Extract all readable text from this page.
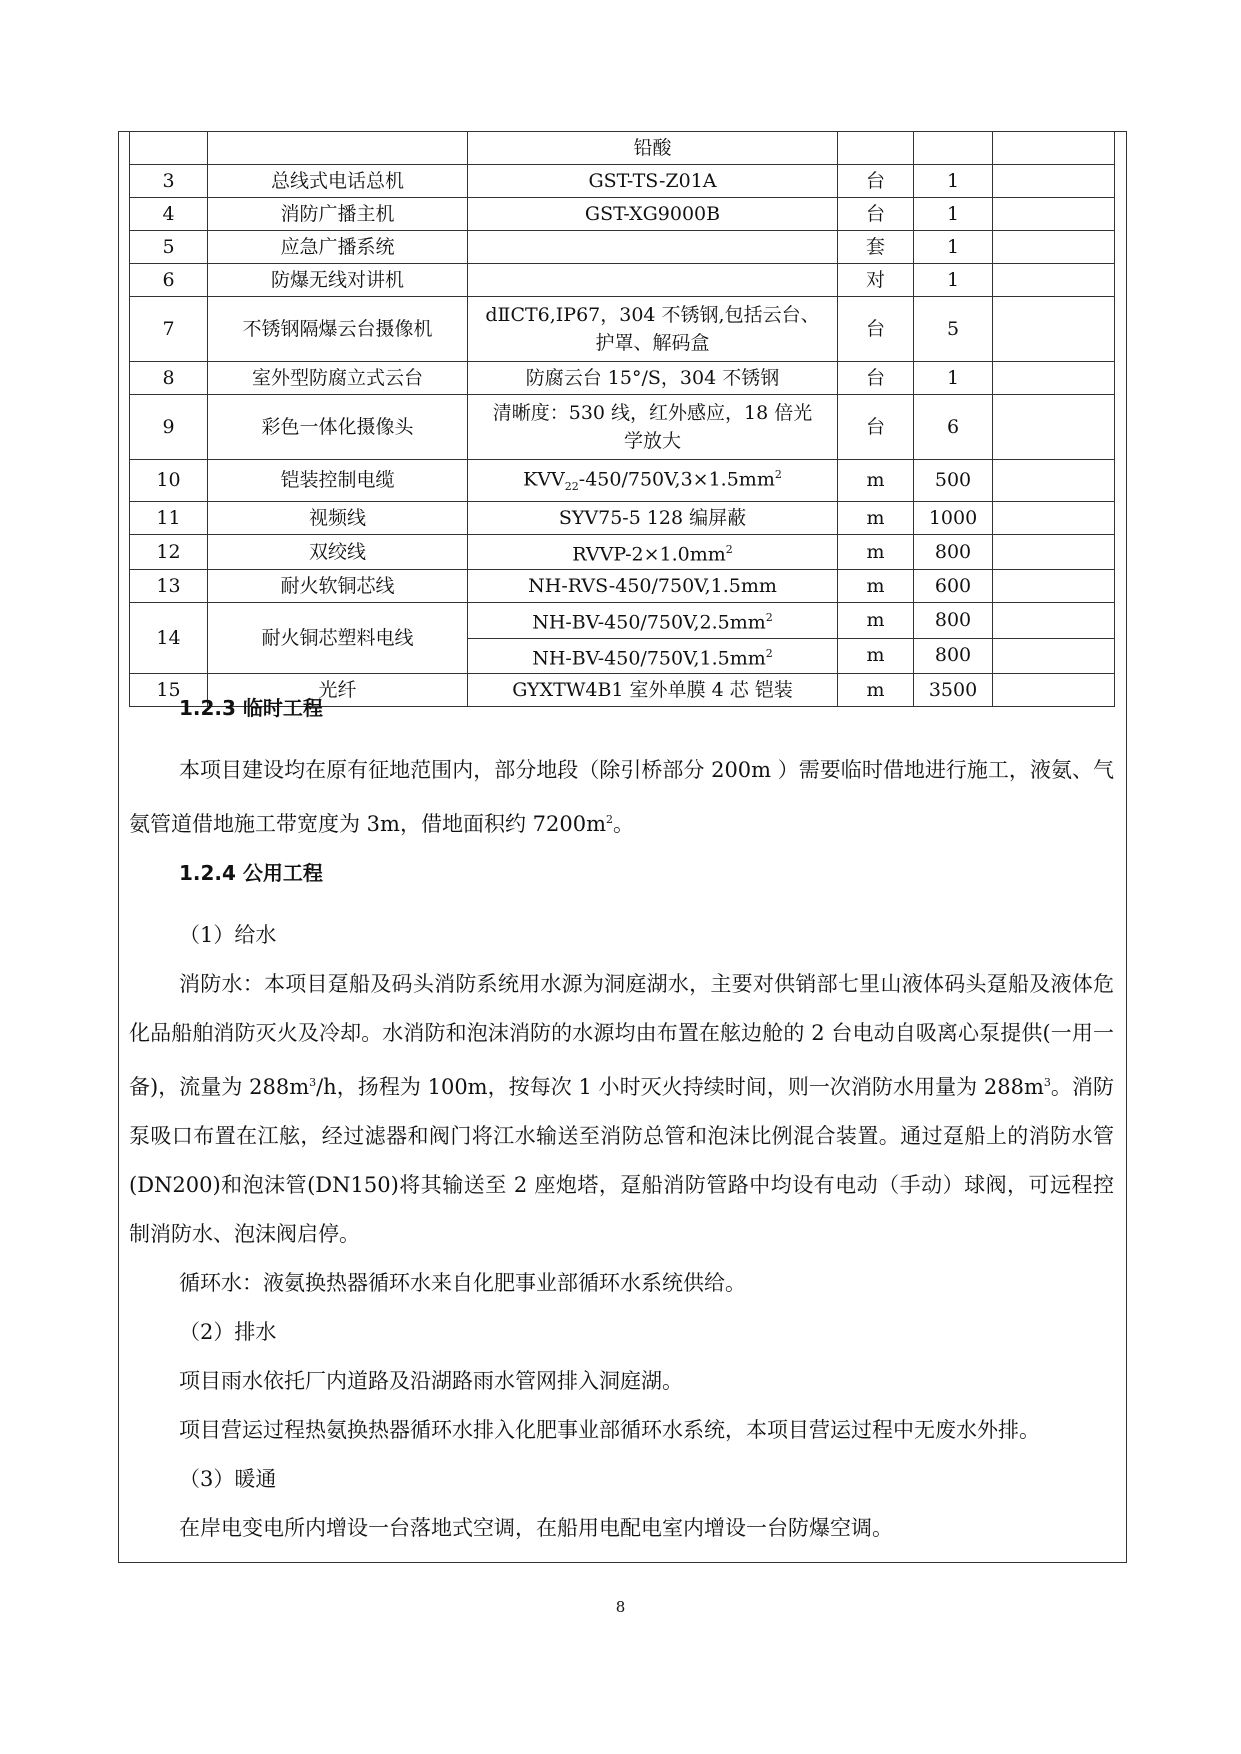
		铅酸			
3	总线式电话总机	GST-TS-Z01A	台	1	
4	消防广播主机	GST-XG9000B	台	1	
5	应急广播系统		套	1	
6	防爆无线对讲机		对	1	
7	不锈钢隔爆云台摄像机	dⅡCT6,IP67，304 不锈钢,包括云台、
护罩、解码盒	台	5	
8	室外型防腐立式云台	防腐云台 15°/S，304 不锈钢	台	1	
9	彩色一体化摄像头	清晰度：530 线，红外感应，18 倍光
学放大	台	6	
10	铠装控制电缆	$KVV_{22}-450/750V,3\times 1.5mm^2$	m	500	
11	视频线	SYV75-5 128 编屏蔽	m	1000	
12	双绞线	RVVP-$2\times 1.0mm^2$	m	800	
13	耐火软铜芯线	NH-RVS-450/750V,1.5mm	m	600	
14	耐火铜芯塑料电线	$NH-BV-450/750V,2.5mm^2$	m	800	
		$NH-BV-450/750V,1.5mm^2$	m	800	
15	光纤	GYXTW4B1 室外单膜 4 芯 铠装	m	3500	

1.2.3 临时工程

本项目建设均在原有征地范围内，部分地段（除引桥部分 200m ）需要临时借地进行施工，液氨、气氨管道借地施工带宽度为 3m，借地面积约 $7200m^2$。

1.2.4 公用工程

（1）给水

消防水：本项目趸船及码头消防系统用水源为洞庭湖水，主要对供销部七里山液体码头趸船及液体危化品船舶消防灭火及冷却。水消防和泡沫消防的水源均由布置在舷边舱的 2 台电动自吸离心泵提供(一用一备)，流量为 $288m^3/h$，扬程为 100m，按每次 1 小时灭火持续时间，则一次消防水用量为 $288m^3$。消防泵吸口布置在江舷，经过滤器和阀门将江水输送至消防总管和泡沫比例混合装置。通过趸船上的消防水管(DN200)和泡沫管(DN150)将其输送至 2 座炮塔，趸船消防管路中均设有电动（手动）球阀，可远程控制消防水、泡沫阀启停。

循环水：液氨换热器循环水来自化肥事业部循环水系统供给。

（2）排水

项目雨水依托厂内道路及沿湖路雨水管网排入洞庭湖。

项目营运过程热氨换热器循环水排入化肥事业部循环水系统，本项目营运过程中无废水外排。

（3）暖通

在岸电变电所内增设一台落地式空调，在船用电配电室内增设一台防爆空调。

8
